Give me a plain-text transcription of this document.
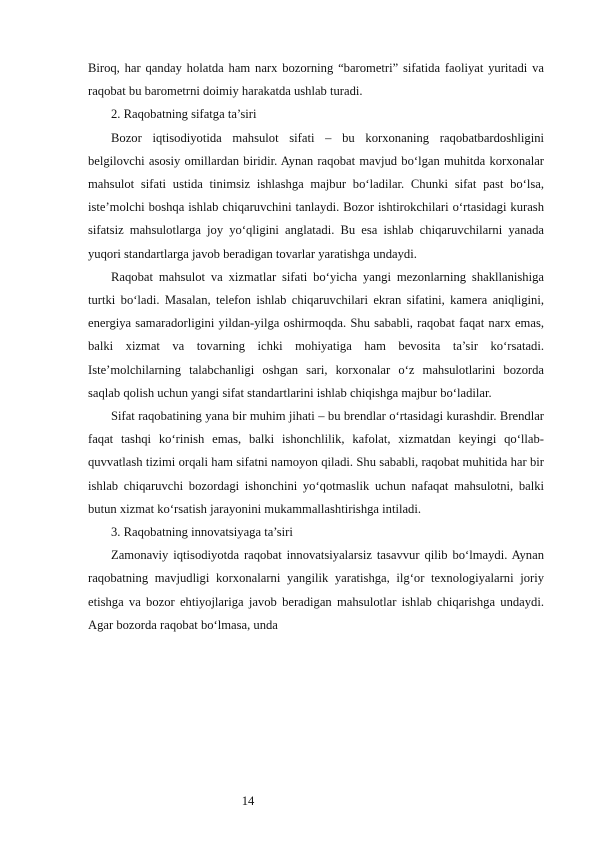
Biroq, har qanday holatda ham narx bozorning “barometri” sifatida faoliyat yuritadi va raqobat bu barometrni doimiy harakatda ushlab turadi.

2. Raqobatning sifatga ta’siri

Bozor iqtisodiyotida mahsulot sifati – bu korxonaning raqobatbardoshligini belgilovchi asosiy omillardan biridir. Aynan raqobat mavjud bo‘lgan muhitda korxonalar mahsulot sifati ustida tinimsiz ishlashga majbur bo‘ladilar. Chunki sifat past bo‘lsa, iste’molchi boshqa ishlab chiqaruvchini tanlaydi. Bozor ishtirokchilari o‘rtasidagi kurash sifatsiz mahsulotlarga joy yo‘qligini anglatadi. Bu esa ishlab chiqaruvchilarni yanada yuqori standartlarga javob beradigan tovarlar yaratishga undaydi.

Raqobat mahsulot va xizmatlar sifati bo‘yicha yangi mezonlarning shakllanishiga turtki bo‘ladi. Masalan, telefon ishlab chiqaruvchilari ekran sifatini, kamera aniqligini, energiya samaradorligini yildan-yilga oshirmoqda. Shu sababli, raqobat faqat narx emas, balki xizmat va tovarning ichki mohiyatiga ham bevosita ta’sir ko‘rsatadi. Iste’molchilarning talabchanligi oshgan sari, korxonalar o‘z mahsulotlarini bozorda saqlab qolish uchun yangi sifat standartlarini ishlab chiqishga majbur bo‘ladilar.

Sifat raqobatining yana bir muhim jihati – bu brendlar o‘rtasidagi kurashdir. Brendlar faqat tashqi ko‘rinish emas, balki ishonchlilik, kafolat, xizmatdan keyingi qo‘llab-quvvatlash tizimi orqali ham sifatni namoyon qiladi. Shu sababli, raqobat muhitida har bir ishlab chiqaruvchi bozordagi ishonchini yo‘qotmaslik uchun nafaqat mahsulotni, balki butun xizmat ko‘rsatish jarayonini mukammallashtirishga intiladi.

3. Raqobatning innovatsiyaga ta’siri

Zamonaviy iqtisodiyotda raqobat innovatsiyalarsiz tasavvur qilib bo‘lmaydi. Aynan raqobatning mavjudligi korxonalarni yangilik yaratishga, ilg‘or texnologiyalarni joriy etishga va bozor ehtiyojlariga javob beradigan mahsulotlar ishlab chiqarishga undaydi. Agar bozorda raqobat bo‘lmasa, unda

14
